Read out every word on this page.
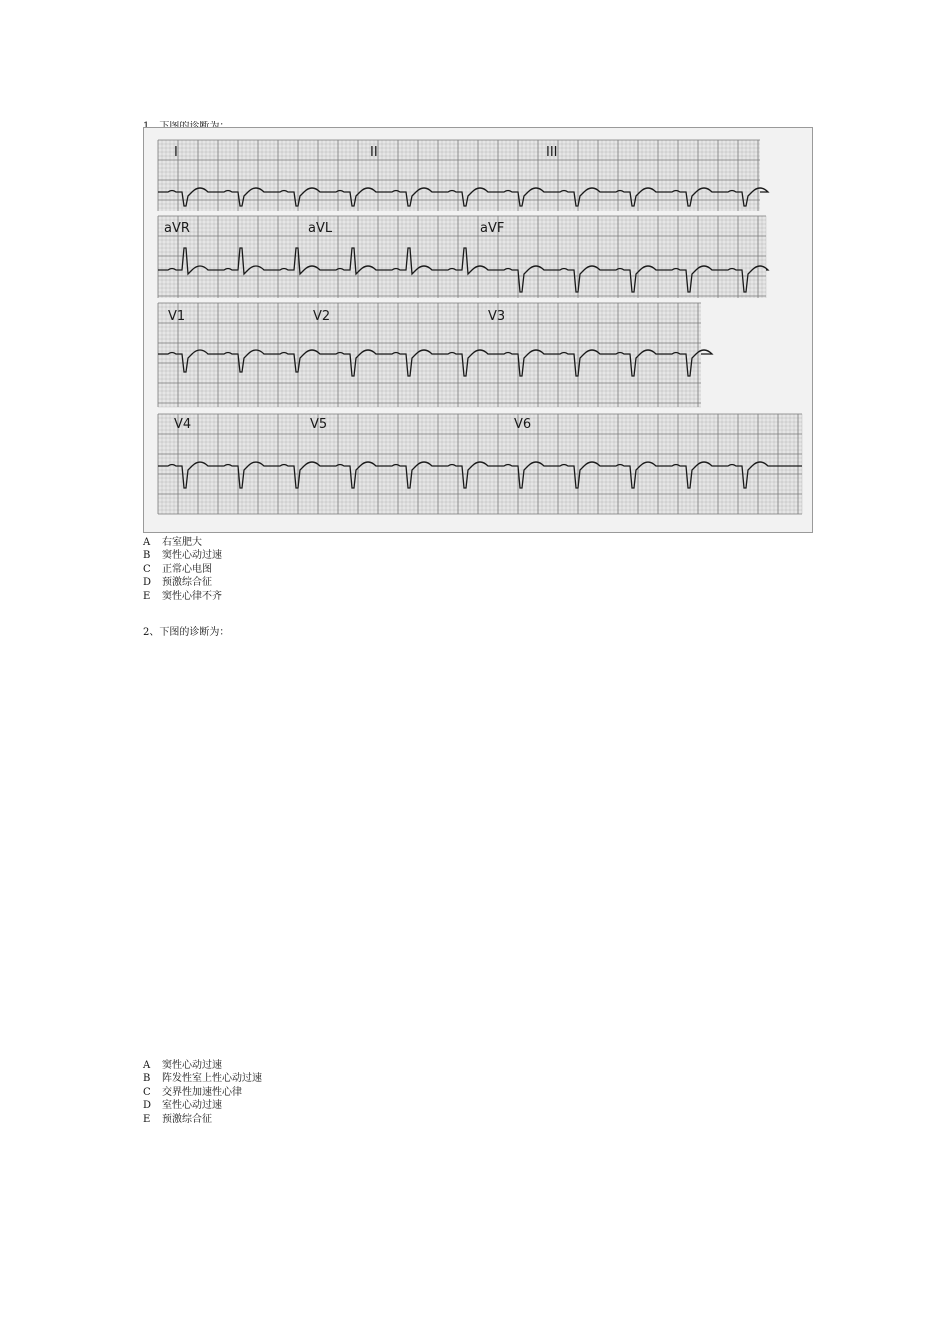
I	II	III
aVR	aVL	aVF
V1	V2	V3
V4	V5	V6
A 右室肥大
B 窦性心动过速
C 正常心电图
D 预激综合征
E 窦性心律不齐
2、下图的诊断为：
A 窦性心动过速
B 阵发性室上性心动过速
C 交界性加速性心律
D 室性心动过速
E 预激综合征
